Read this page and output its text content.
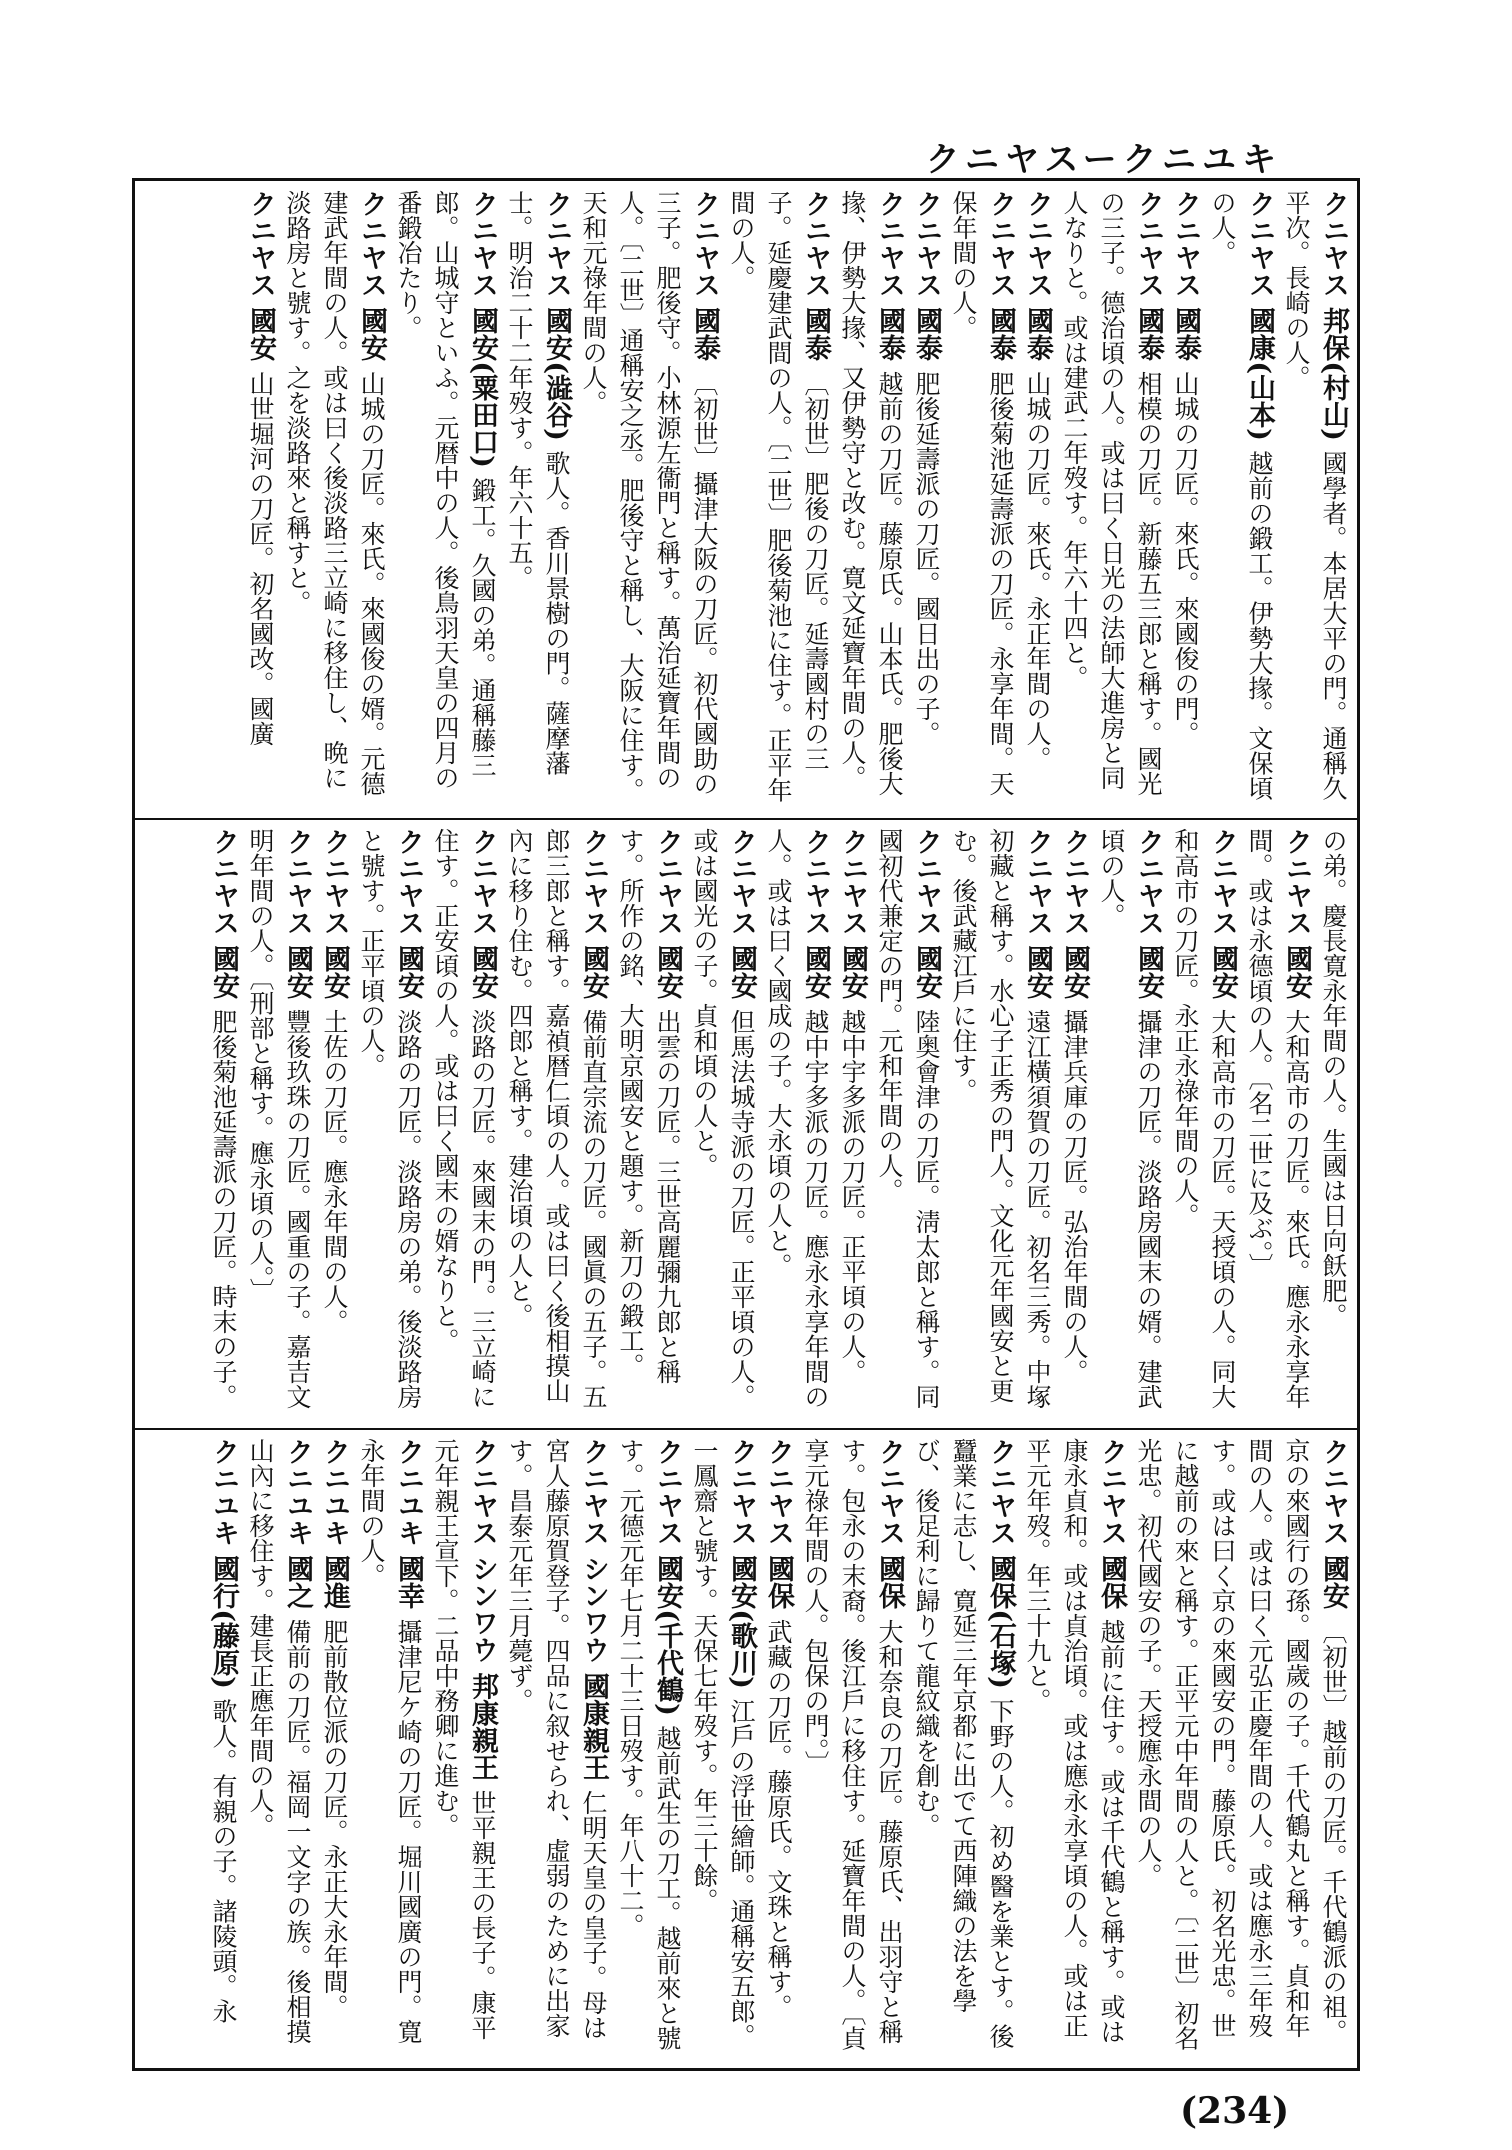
クニヤスークニユキ
クニヤス 邦保(村山) 國學者。本居大平の門。通稱久平次。長崎の人。
クニヤス 國康(山本) 越前の鍛工。伊勢大掾。文保頃の人。
クニヤス 國泰 山城の刀匠。來氏。來國俊の門。
クニヤス 國泰 相模の刀匠。新藤五三郎と稱す。國光の三子。德治頃の人。或は曰く日光の法師大進房と同人なりと。或は建武二年歿す。年六十四と。
クニヤス 國泰 山城の刀匠。來氏。永正年間の人。
クニヤス 國泰 肥後菊池延壽派の刀匠。永享年間。天保年間の人。
クニヤス 國泰 肥後延壽派の刀匠。國日出の子。
クニヤス 國泰 越前の刀匠。藤原氏。山本氏。肥後大掾、伊勢大掾、又伊勢守と改む。寛文延寶年間の人。
クニヤス 國泰 〔初世〕肥後の刀匠。延壽國村の三子。延慶建武間の人。〔二世〕肥後菊池に住す。正平年間の人。
クニヤス 國泰 〔初世〕攝津大阪の刀匠。初代國助の三子。肥後守。小林源左衞門と稱す。萬治延寶年間の人。〔二世〕通稱安之丞。肥後守と稱し、大阪に住す。天和元祿年間の人。
クニヤス 國安(澁谷) 歌人。香川景樹の門。薩摩藩士。明治二十二年歿す。年六十五。
クニヤス 國安(粟田口) 鍛工。久國の弟。通稱藤三郎。山城守といふ。元暦中の人。後鳥羽天皇の四月の番鍛冶たり。
クニヤス 國安 山城の刀匠。來氏。來國俊の婿。元德建武年間の人。或は曰く後淡路三立崎に移住し、晩に淡路房と號す。之を淡路來と稱すと。
クニヤス 國安 山世堀河の刀匠。初名國改。國廣
の弟。慶長寛永年間の人。生國は日向飫肥。
クニヤス 國安 大和高市の刀匠。來氏。應永永享年間。或は永德頃の人。〔名二世に及ぶ。〕
クニヤス 國安 大和高市の刀匠。天授頃の人。同大和高市の刀匠。永正永祿年間の人。
クニヤス 國安 攝津の刀匠。淡路房國末の婿。建武頃の人。
クニヤス 國安 攝津兵庫の刀匠。弘治年間の人。
クニヤス 國安 遠江橫須賀の刀匠。初名三秀。中塚初藏と稱す。水心子正秀の門人。文化元年國安と更む。後武藏江戶に住す。
クニヤス 國安 陸奥會津の刀匠。淸太郎と稱す。同國初代兼定の門。元和年間の人。
クニヤス 國安 越中宇多派の刀匠。正平頃の人。
クニヤス 國安 越中宇多派の刀匠。應永永享年間の人。或は曰く國成の子。大永頃の人と。
クニヤス 國安 但馬法城寺派の刀匠。正平頃の人。或は國光の子。貞和頃の人と。
クニヤス 國安 出雲の刀匠。三世高麗彌九郎と稱す。所作の銘、大明京國安と題す。新刀の鍛工。
クニヤス 國安 備前直宗流の刀匠。國眞の五子。五郎三郎と稱す。嘉禎暦仁頃の人。或は曰く後相摸山內に移り住む。四郎と稱す。建治頃の人と。
クニヤス 國安 淡路の刀匠。來國末の門。三立崎に住す。正安頃の人。或は曰く國末の婿なりと。
クニヤス 國安 淡路の刀匠。淡路房の弟。後淡路房と號す。正平頃の人。
クニヤス 國安 土佐の刀匠。應永年間の人。
クニヤス 國安 豐後玖珠の刀匠。國重の子。嘉吉文明年間の人。〔刑部と稱す。應永頃の人。〕
クニヤス 國安 肥後菊池延壽派の刀匠。時末の子。
クニヤス 國安 〔初世〕越前の刀匠。千代鶴派の祖。京の來國行の孫。國歲の子。千代鶴丸と稱す。貞和年間の人。或は曰く元弘正慶年間の人。或は應永三年歿す。或は曰く京の來國安の門。藤原氏。初名光忠。世に越前の來と稱す。正平元中年間の人と。〔二世〕初名光忠。初代國安の子。天授應永間の人。
クニヤス 國保 越前に住す。或は千代鶴と稱す。或は康永貞和。或は貞治頃。或は應永永享頃の人。或は正平元年歿。年三十九と。
クニヤス 國保(石塚) 下野の人。初め醫を業とす。後蠶業に志し、寛延三年京都に出でて西陣織の法を學び、後足利に歸りて龍紋織を創む。
クニヤス 國保 大和奈良の刀匠。藤原氏、出羽守と稱す。包永の末裔。後江戶に移住す。延寶年間の人。〔貞享元祿年間の人。包保の門。〕
クニヤス 國保 武藏の刀匠。藤原氏。文珠と稱す。
クニヤス 國安(歌川) 江戶の浮世繪師。通稱安五郎。一鳳齋と號す。天保七年歿す。年三十餘。
クニヤス 國安(千代鶴) 越前武生の刀工。越前來と號す。元德元年七月二十三日歿す。年八十二。
クニヤス シンワウ 國康親王 仁明天皇の皇子。母は宮人藤原賀登子。四品に叙せられ、虛弱のために出家す。昌泰元年三月薨ず。
クニヤス シンワウ 邦康親王 世平親王の長子。康平元年親王宣下。二品中務卿に進む。
クニユキ 國幸 攝津尼ケ崎の刀匠。堀川國廣の門。寛永年間の人。
クニユキ 國進 肥前散位派の刀匠。永正大永年間。
クニユキ 國之 備前の刀匠。福岡一文字の族。後相摸山內に移住す。建長正應年間の人。
クニユキ 國行(藤原) 歌人。有親の子。諸陵頭。永
(234)
